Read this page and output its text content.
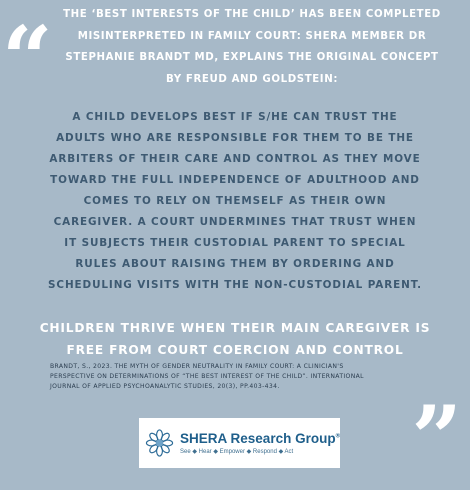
“	THE ‘BEST INTERESTS OF THE CHILD’ HAS BEEN COMPLETED
MISINTERPRETED IN FAMILY COURT: SHERA MEMBER DR
STEPHANIE BRANDT MD, EXPLAINS THE ORIGINAL CONCEPT
BY FREUD AND GOLDSTEIN:
A CHILD DEVELOPS BEST IF S/HE CAN TRUST THE
ADULTS WHO ARE RESPONSIBLE FOR THEM TO BE THE
ARBITERS OF THEIR CARE AND CONTROL AS THEY MOVE
TOWARD THE FULL INDEPENDENCE OF ADULTHOOD AND
COMES TO RELY ON THEMSELF AS THEIR OWN
CAREGIVER. A COURT UNDERMINES THAT TRUST WHEN
IT SUBJECTS THEIR CUSTODIAL PARENT TO SPECIAL
RULES ABOUT RAISING THEM BY ORDERING AND
SCHEDULING VISITS WITH THE NON-CUSTODIAL PARENT.
CHILDREN THRIVE WHEN THEIR MAIN CAREGIVER IS
FREE FROM COURT COERCION AND CONTROL
BRANDT, S., 2023. THE MYTH OF GENDER NEUTRALITY IN FAMILY COURT: A CLINICIAN'S
PERSPECTIVE ON DETERMINATIONS OF “THE BEST INTEREST OF THE CHILD”. INTERNATIONAL
JOURNAL OF APPLIED PSYCHOANALYTIC STUDIES, 20(3), PP.403-434.
SHERA Research Group®
See ◆ Hear ◆ Empower ◆ Respond ◆ Act	”
